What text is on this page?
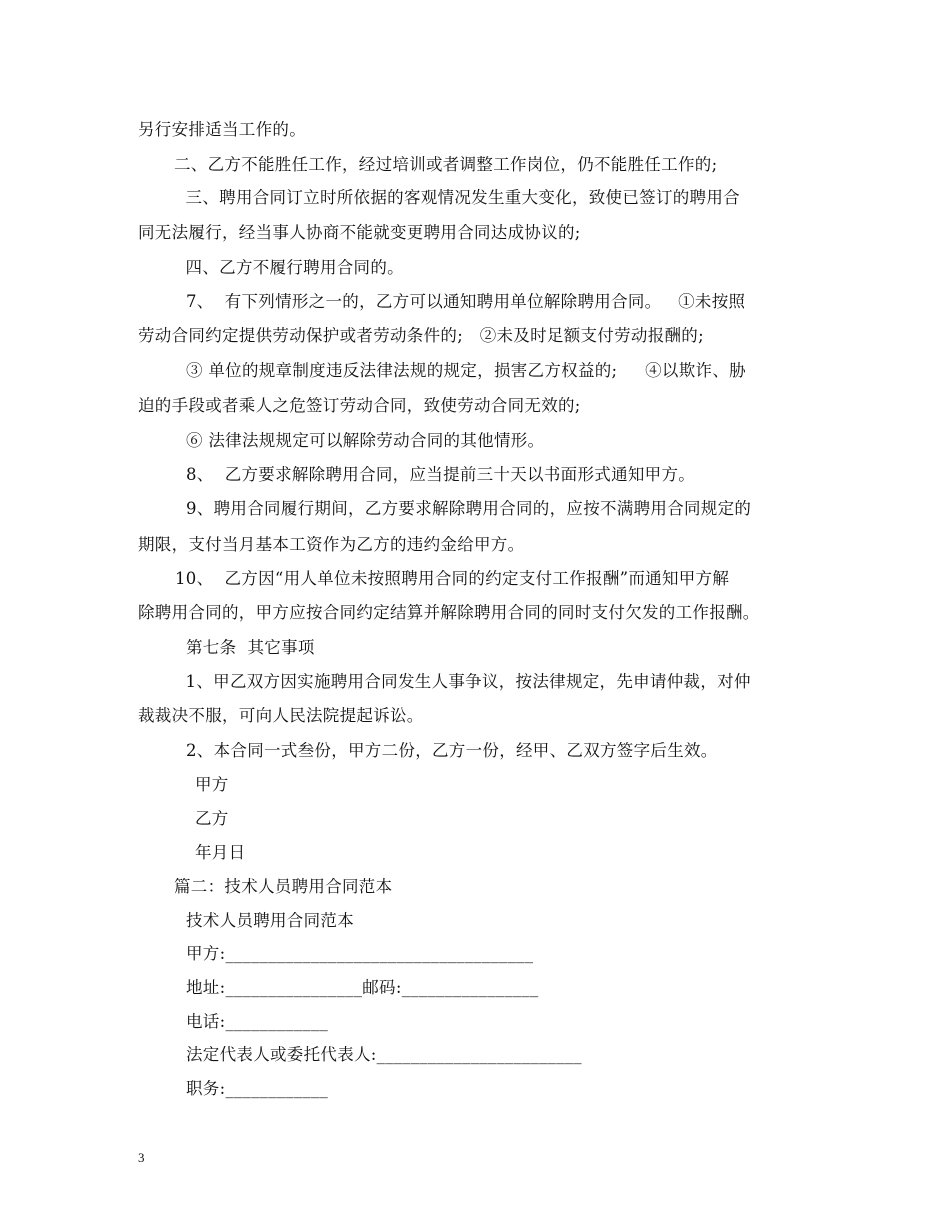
另行安排适当工作的。
二、乙方不能胜任工作，经过培训或者调整工作岗位，仍不能胜任工作的;
三、聘用合同订立时所依据的客观情况发生重大变化，致使已签订的聘用合
同无法履行，经当事人协商不能就变更聘用合同达成协议的;
四、乙方不履行聘用合同的。
7、  有下列情形之一的，乙方可以通知聘用单位解除聘用合同。   ①未按照
劳动合同约定提供劳动保护或者劳动条件的;   ②未及时足额支付劳动报酬的;
③ 单位的规章制度违反法律法规的规定，损害乙方权益的;     ④以欺诈、胁
迫的手段或者乘人之危签订劳动合同，致使劳动合同无效的;
⑥ 法律法规规定可以解除劳动合同的其他情形。
8、  乙方要求解除聘用合同，应当提前三十天以书面形式通知甲方。
9、聘用合同履行期间，乙方要求解除聘用合同的，应按不满聘用合同规定的
期限，支付当月基本工资作为乙方的违约金给甲方。
10、  乙方因“用人单位未按照聘用合同的约定支付工作报酬”而通知甲方解
除聘用合同的，甲方应按合同约定结算并解除聘用合同的同时支付欠发的工作报酬。
第七条  其它事项
1、甲乙双方因实施聘用合同发生人事争议，按法律规定，先申请仲裁，对仲
裁裁决不服，可向人民法院提起诉讼。
2、本合同一式叁份，甲方二份，乙方一份，经甲、乙双方签字后生效。
甲方
乙方
年月日
篇二：技术人员聘用合同范本
技术人员聘用合同范本
甲方:____________________________________
地址:________________邮码:________________
电话:____________
法定代表人或委托代表人:________________________
职务:____________
3
